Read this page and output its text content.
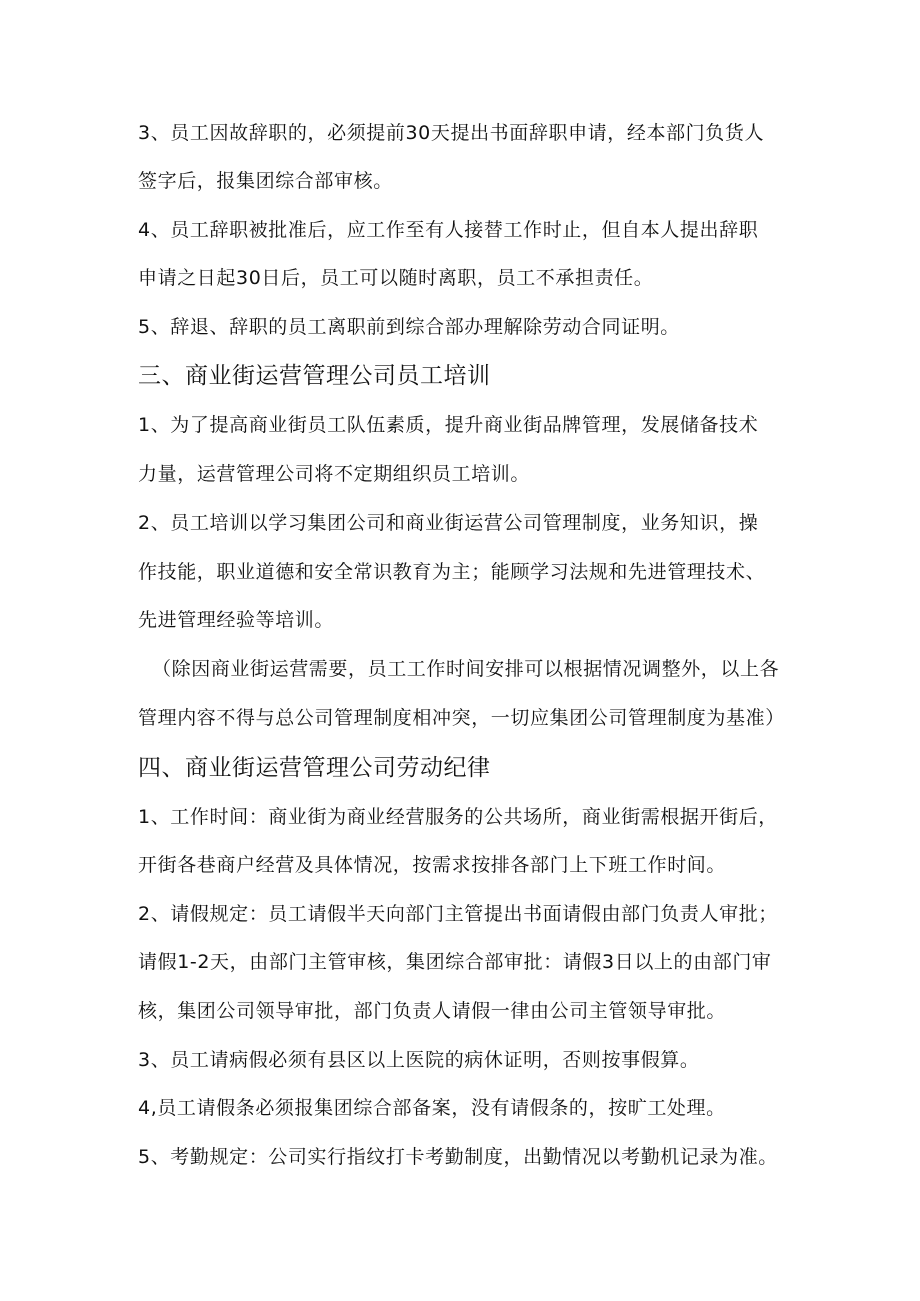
3、员工因故辞职的，必须提前30天提出书面辞职申请，经本部门负货人
签字后，报集团综合部审核。
4、员工辞职被批准后，应工作至有人接替工作时止，但自本人提出辞职
申请之日起30日后，员工可以随时离职，员工不承担责任。
5、辞退、辞职的员工离职前到综合部办理解除劳动合同证明。
三、商业街运营管理公司员工培训
1、为了提高商业街员工队伍素质，提升商业街品牌管理，发展储备技术
力量，运营管理公司将不定期组织员工培训。
2、员工培训以学习集团公司和商业街运营公司管理制度，业务知识，操
作技能，职业道德和安全常识教育为主；能顾学习法规和先进管理技术、
先进管理经验等培训。
（除因商业街运营需要，员工工作时间安排可以根据情况调整外，以上各
管理内容不得与总公司管理制度相冲突，一切应集团公司管理制度为基准）
四、商业街运营管理公司劳动纪律
1、工作时间：商业街为商业经营服务的公共场所，商业街需根据开街后，
开街各巷商户经营及具体情况，按需求按排各部门上下班工作时间。
2、请假规定：员工请假半天向部门主管提出书面请假由部门负责人审批；
请假1-2天，由部门主管审核，集团综合部审批：请假3日以上的由部门审
核，集团公司领导审批，部门负责人请假一律由公司主管领导审批。
3、员工请病假必须有县区以上医院的病休证明，否则按事假算。
4,员工请假条必须报集团综合部备案，没有请假条的，按旷工处理。
5、考勤规定：公司实行指纹打卡考勤制度，出勤情况以考勤机记录为准。
